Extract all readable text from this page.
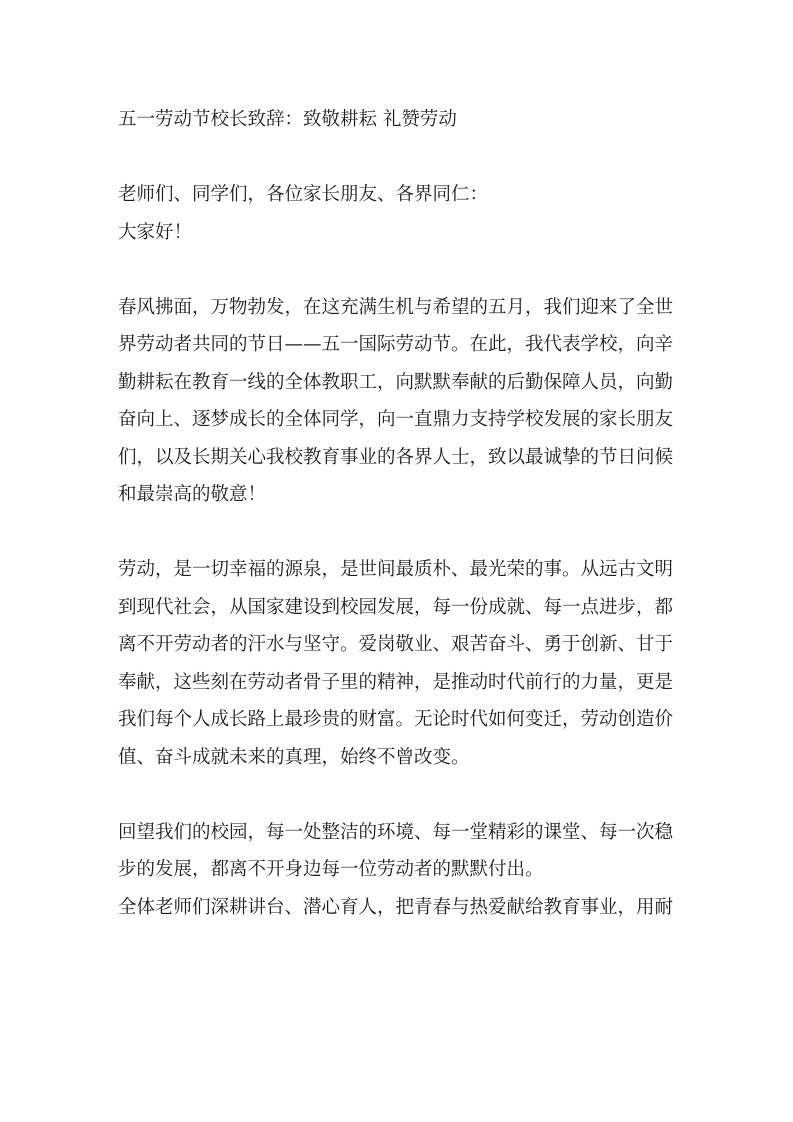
五一劳动节校长致辞：致敬耕耘 礼赞劳动
老师们、同学们，各位家长朋友、各界同仁：
大家好！
春风拂面，万物勃发，在这充满生机与希望的五月，我们迎来了全世
界劳动者共同的节日——五一国际劳动节。在此，我代表学校，向辛
勤耕耘在教育一线的全体教职工，向默默奉献的后勤保障人员，向勤
奋向上、逐梦成长的全体同学，向一直鼎力支持学校发展的家长朋友
们，以及长期关心我校教育事业的各界人士，致以最诚挚的节日问候
和最崇高的敬意！
劳动，是一切幸福的源泉，是世间最质朴、最光荣的事。从远古文明
到现代社会，从国家建设到校园发展，每一份成就、每一点进步，都
离不开劳动者的汗水与坚守。爱岗敬业、艰苦奋斗、勇于创新、甘于
奉献，这些刻在劳动者骨子里的精神，是推动时代前行的力量，更是
我们每个人成长路上最珍贵的财富。无论时代如何变迁，劳动创造价
值、奋斗成就未来的真理，始终不曾改变。
回望我们的校园，每一处整洁的环境、每一堂精彩的课堂、每一次稳
步的发展，都离不开身边每一位劳动者的默默付出。
全体老师们深耕讲台、潜心育人，把青春与热爱献给教育事业，用耐
